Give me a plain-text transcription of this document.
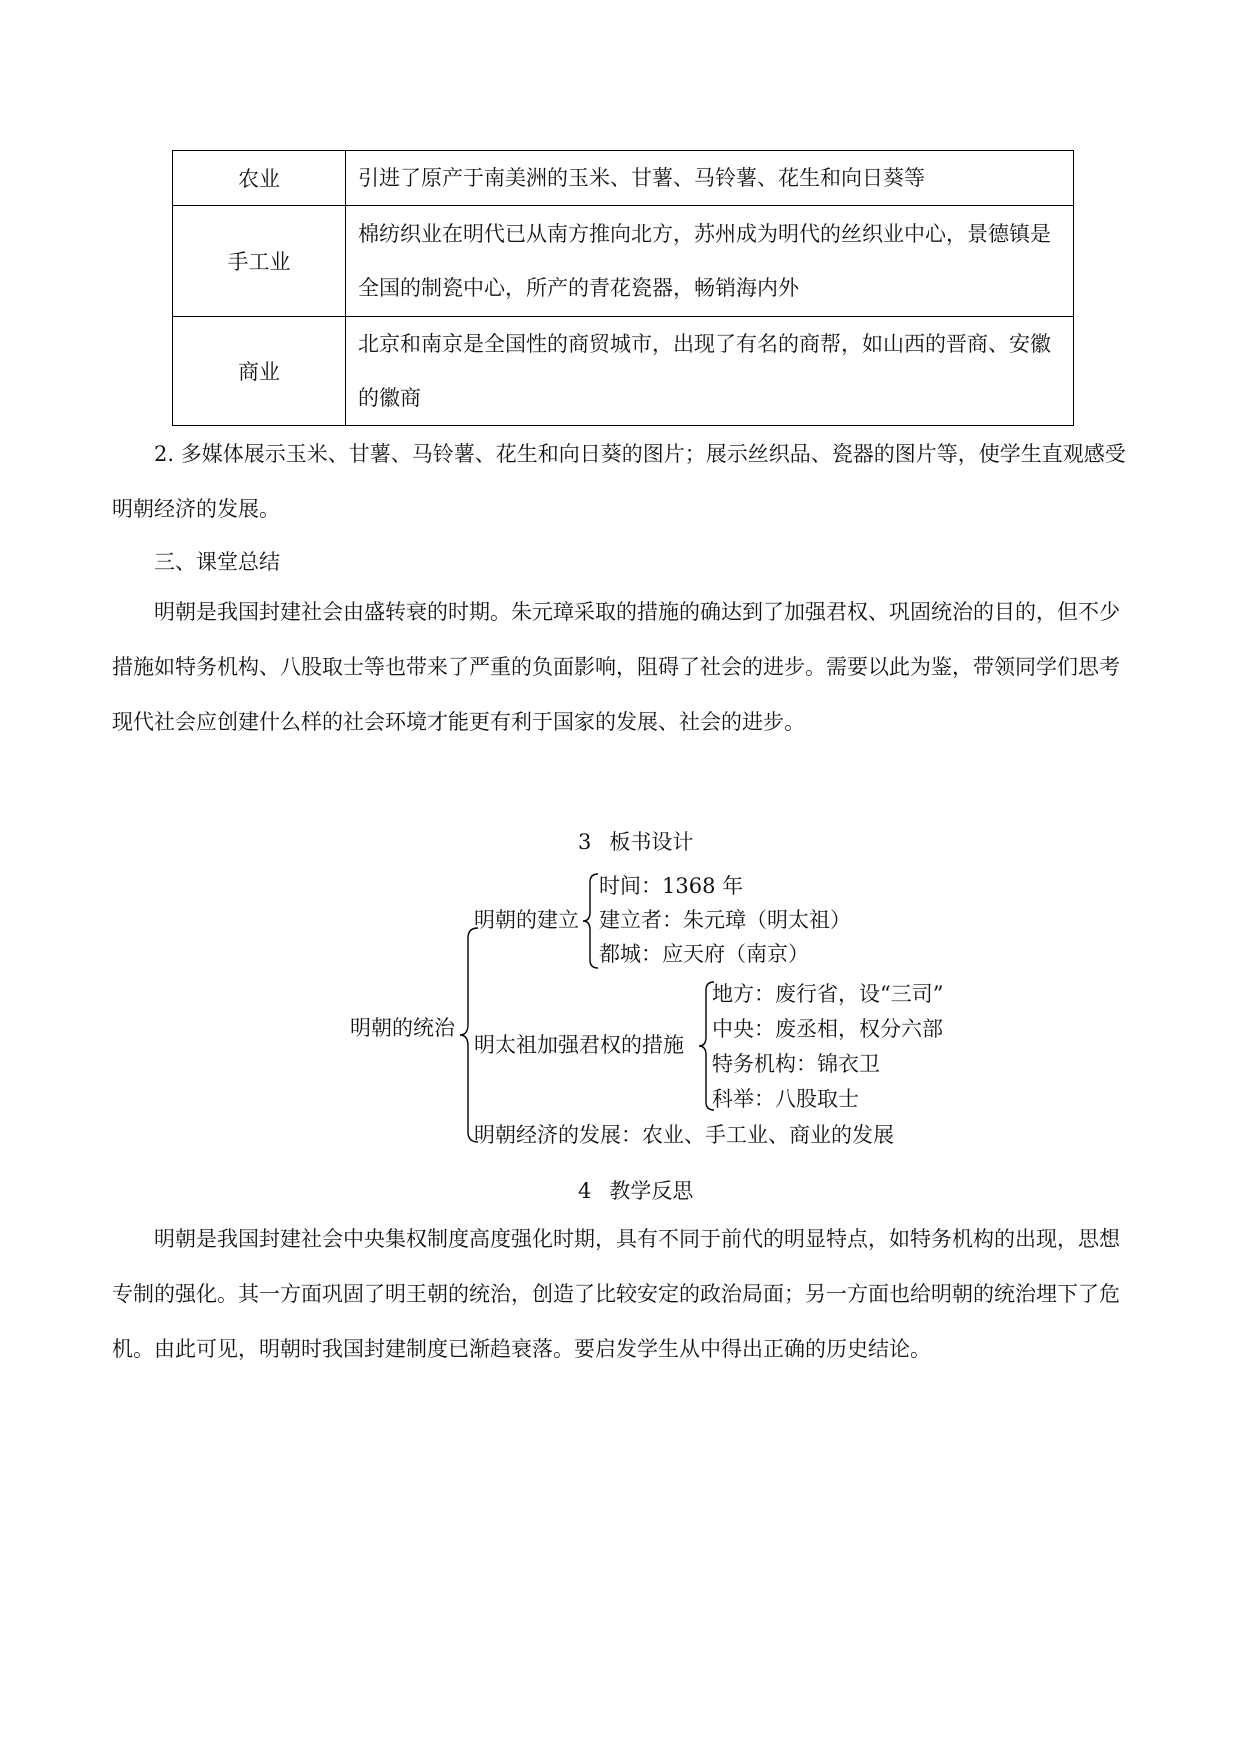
农业	引进了原产于南美洲的玉米、甘薯、马铃薯、花生和向日葵等
手工业	棉纺织业在明代已从南方推向北方，苏州成为明代的丝织业中心，景德镇是全国的制瓷中心，所产的青花瓷器，畅销海内外
商业	北京和南京是全国性的商贸城市，出现了有名的商帮，如山西的晋商、安徽的徽商

2. 多媒体展示玉米、甘薯、马铃薯、花生和向日葵的图片；展示丝织品、瓷器的图片等，使学生直观感受明朝经济的发展。

三、课堂总结

明朝是我国封建社会由盛转衰的时期。朱元璋采取的措施的确达到了加强君权、巩固统治的目的，但不少措施如特务机构、八股取士等也带来了严重的负面影响，阻碍了社会的进步。需要以此为鉴，带领同学们思考现代社会应创建什么样的社会环境才能更有利于国家的发展、社会的进步。

3 板书设计
明朝的统治
明朝的建立
时间：1368 年
建立者：朱元璋（明太祖）
都城：应天府（南京）
明太祖加强君权的措施
地方：废行省，设“三司”
中央：废丞相，权分六部
特务机构：锦衣卫
科举：八股取士
明朝经济的发展：农业、手工业、商业的发展
4 教学反思

明朝是我国封建社会中央集权制度高度强化时期，具有不同于前代的明显特点，如特务机构的出现，思想专制的强化。其一方面巩固了明王朝的统治，创造了比较安定的政治局面；另一方面也给明朝的统治埋下了危机。由此可见，明朝时我国封建制度已渐趋衰落。要启发学生从中得出正确的历史结论。
